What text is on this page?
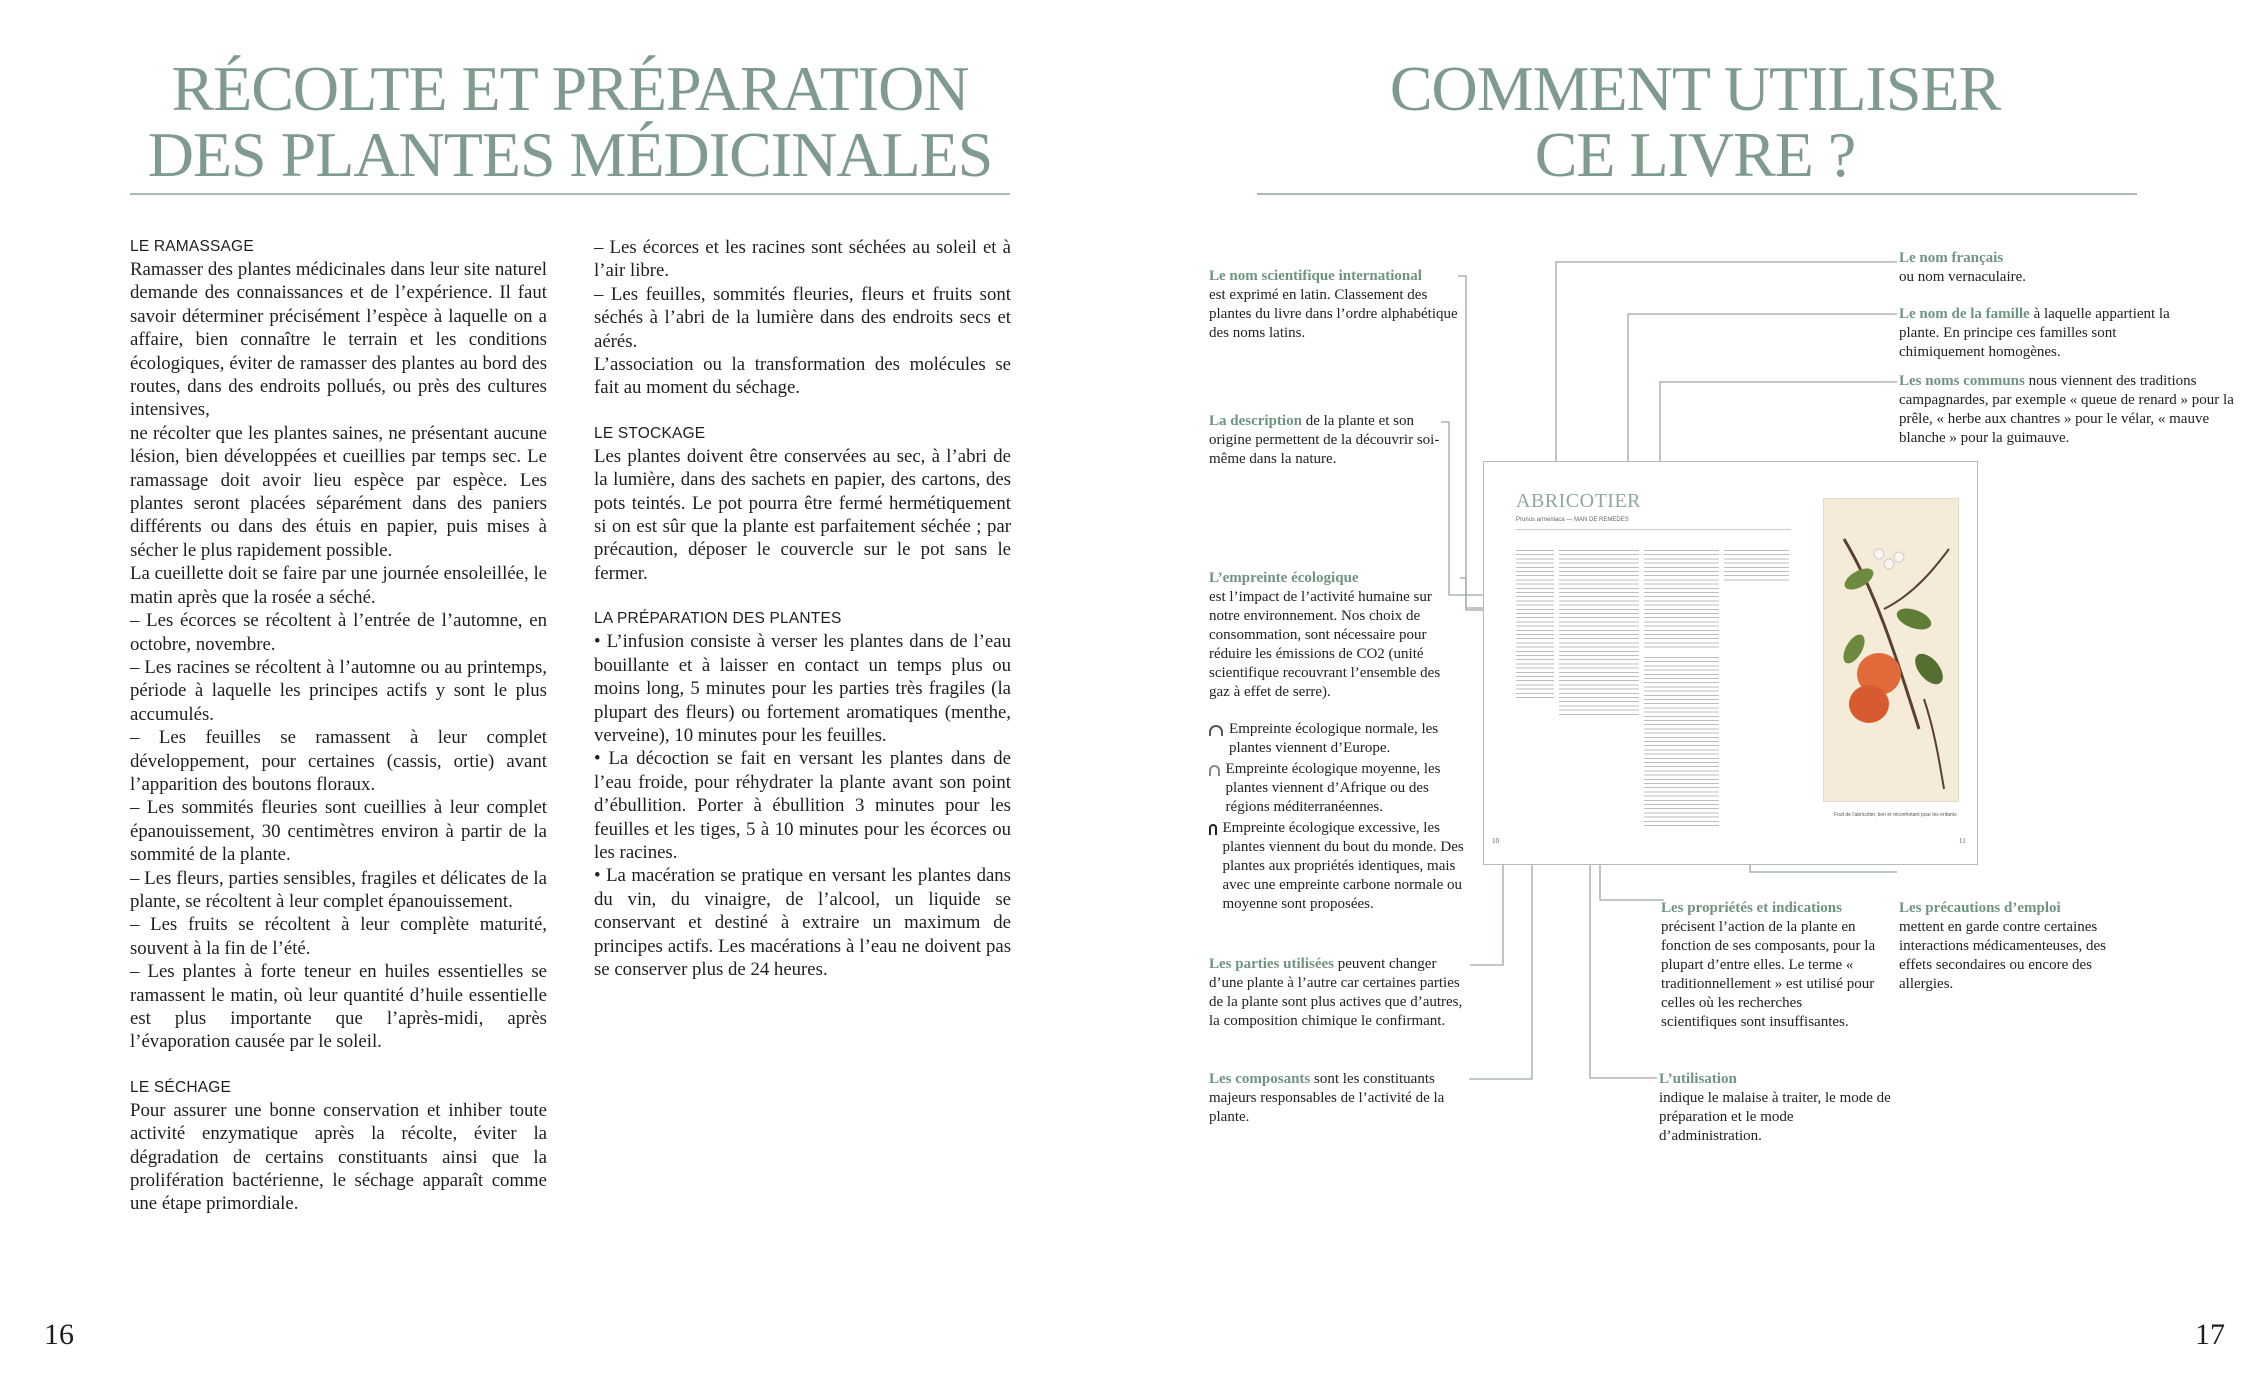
RÉCOLTE ET PRÉPARATION
DES PLANTES MÉDICINALES
LE RAMASSAGE

Ramasser des plantes médicinales dans leur site naturel demande des connaissances et de l’expérience. Il faut savoir déterminer précisément l’espèce à laquelle on a affaire, bien connaître le terrain et les conditions écologiques, éviter de ramasser des plantes au bord des routes, dans des endroits pollués, ou près des cultures intensives,
ne récolter que les plantes saines, ne présentant aucune lésion, bien développées et cueillies par temps sec. Le ramassage doit avoir lieu espèce par espèce. Les plantes seront placées séparément dans des paniers différents ou dans des étuis en papier, puis mises à sécher le plus rapidement possible.
La cueillette doit se faire par une journée ensoleillée, le matin après que la rosée a séché.
– Les écorces se récoltent à l’entrée de l’automne, en octobre, novembre.
– Les racines se récoltent à l’automne ou au printemps, période à laquelle les principes actifs y sont le plus accumulés.
– Les feuilles se ramassent à leur complet développement, pour certaines (cassis, ortie) avant l’apparition des boutons floraux.
– Les sommités fleuries sont cueillies à leur complet épanouissement, 30 centimètres environ à partir de la sommité de la plante.
– Les fleurs, parties sensibles, fragiles et délicates de la plante, se récoltent à leur complet épanouissement.
– Les fruits se récoltent à leur complète maturité, souvent à la fin de l’été.
– Les plantes à forte teneur en huiles essentielles se ramassent le matin, où leur quantité d’huile essentielle est plus importante que l’après-midi, après l’évaporation causée par le soleil.

LE SÉCHAGE

Pour assurer une bonne conservation et inhiber toute activité enzymatique après la récolte, éviter la dégradation de certains constituants ainsi que la prolifération bactérienne, le séchage apparaît comme une étape primordiale.

– Les écorces et les racines sont séchées au soleil et à l’air libre.
– Les feuilles, sommités fleuries, fleurs et fruits sont séchés à l’abri de la lumière dans des endroits secs et aérés.
L’association ou la transformation des molécules se fait au moment du séchage.

LE STOCKAGE

Les plantes doivent être conservées au sec, à l’abri de la lumière, dans des sachets en papier, des cartons, des pots teintés. Le pot pourra être fermé hermétiquement si on est sûr que la plante est parfaitement séchée ; par précaution, déposer le couvercle sur le pot sans le fermer.

LA PRÉPARATION DES PLANTES

• L’infusion consiste à verser les plantes dans de l’eau bouillante et à laisser en contact un temps plus ou moins long, 5 minutes pour les parties très fragiles (la plupart des fleurs) ou fortement aromatiques (menthe, verveine), 10 minutes pour les feuilles.
• La décoction se fait en versant les plantes dans de l’eau froide, pour réhydrater la plante avant son point d’ébullition. Porter à ébullition 3 minutes pour les feuilles et les tiges, 5 à 10 minutes pour les écorces ou les racines.
• La macération se pratique en versant les plantes dans du vin, du vinaigre, de l’alcool, un liquide se conservant et destiné à extraire un maximum de principes actifs. Les macérations à l’eau ne doivent pas se conserver plus de 24 heures.

16
COMMENT UTILISER
CE LIVRE ?
ABRICOTIER
Prunus armeniaca — MAN DE REMEDES
Fruit de l’abricotier, bon et réconfortant pour les enfants
10	11

Le nom scientifique international
est exprimé en latin. Classement des plantes du livre dans l’ordre alphabétique des noms latins.

La description de la plante et son origine permettent de la découvrir soi-même dans la nature.

L’empreinte écologique
est l’impact de l’activité humaine sur notre environnement. Nos choix de consommation, sont nécessaire pour réduire les émissions de CO2 (unité scientifique recouvrant l’ensemble des gaz à effet de serre).

Empreinte écologique normale, les plantes viennent d’Europe.

Empreinte écologique moyenne, les plantes viennent d’Afrique ou des régions méditerranéennes.

Empreinte écologique excessive, les plantes viennent du bout du monde. Des plantes aux propriétés identiques, mais avec une empreinte carbone normale ou moyenne sont proposées.

Les parties utilisées peuvent changer d’une plante à l’autre car certaines parties de la plante sont plus actives que d’autres, la composition chimique le confirmant.

Les composants sont les constituants majeurs responsables de l’activité de la plante.

Le nom français
ou nom vernaculaire.

Le nom de la famille à laquelle appartient la plante. En principe ces familles sont chimiquement homogènes.

Les noms communs nous viennent des traditions campagnardes, par exemple « queue de renard » pour la prêle, « herbe aux chantres » pour le vélar, « mauve blanche » pour la guimauve.

Les propriétés et indications
précisent l’action de la plante en fonction de ses composants, pour la plupart d’entre elles. Le terme « traditionnellement » est utilisé pour celles où les recherches scientifiques sont insuffisantes.

Les précautions d’emploi
mettent en garde contre certaines interactions médicamenteuses, des effets secondaires ou encore des allergies.

L’utilisation
indique le malaise à traiter, le mode de préparation et le mode d’administration.

17
